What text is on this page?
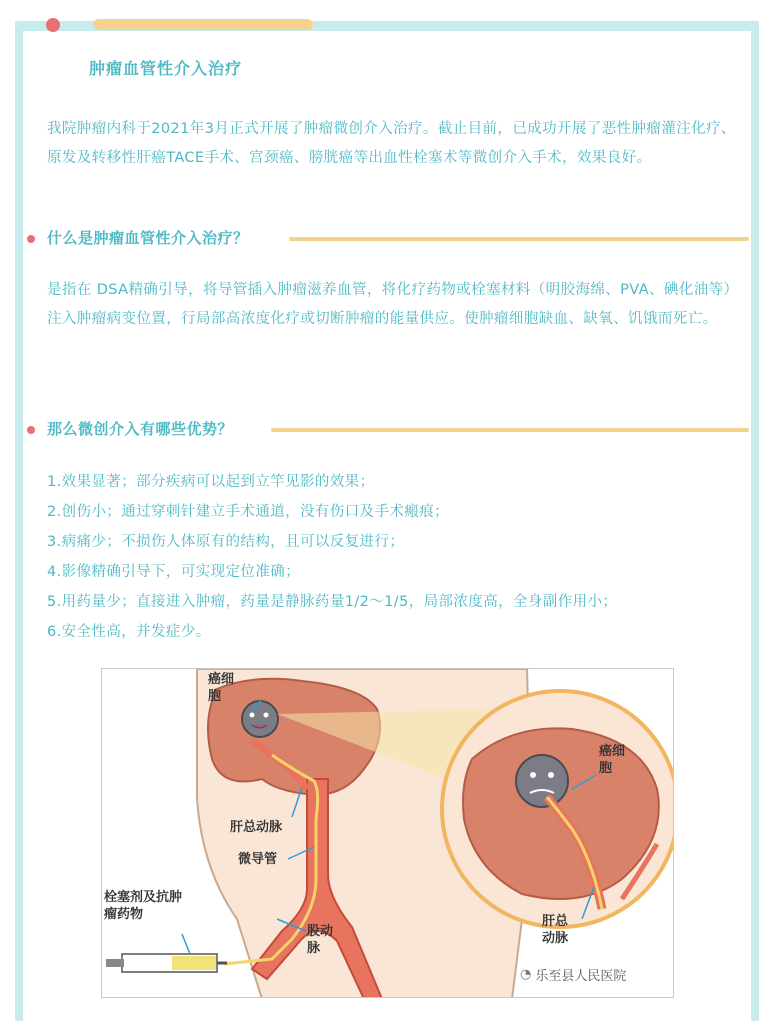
肿瘤血管性介入治疗

我院肿瘤内科于2021年3月正式开展了肿瘤微创介入治疗。截止目前，已成功开展了恶性肿瘤灌注化疗、原发及转移性肝癌TACE手术、宫颈癌、膀胱癌等出血性栓塞术等微创介入手术，效果良好。

什么是肿瘤血管性介入治疗？

是指在 DSA精确引导，将导管插入肿瘤滋养血管，将化疗药物或栓塞材料（明胶海绵、PVA、碘化油等）注入肿瘤病变位置，行局部高浓度化疗或切断肿瘤的能量供应。使肿瘤细胞缺血、缺氧、饥饿而死亡。

那么微创介入有哪些优势？
1.效果显著；部分疾病可以起到立竿见影的效果；
2.创伤小；通过穿刺针建立手术通道，没有伤口及手术瘢痕；
3.病痛少；不损伤人体原有的结构，且可以反复进行；
4.影像精确引导下，可实现定位准确；
5.用药量少；直接进入肿瘤，药量是静脉药量1/2～1/5，局部浓度高，全身副作用小；
6.安全性高，并发症少。
癌细胞
肝总动脉
微导管
栓塞剂及抗肿瘤药物
股动脉
癌细胞
肝总动脉
◔ 乐至县人民医院
